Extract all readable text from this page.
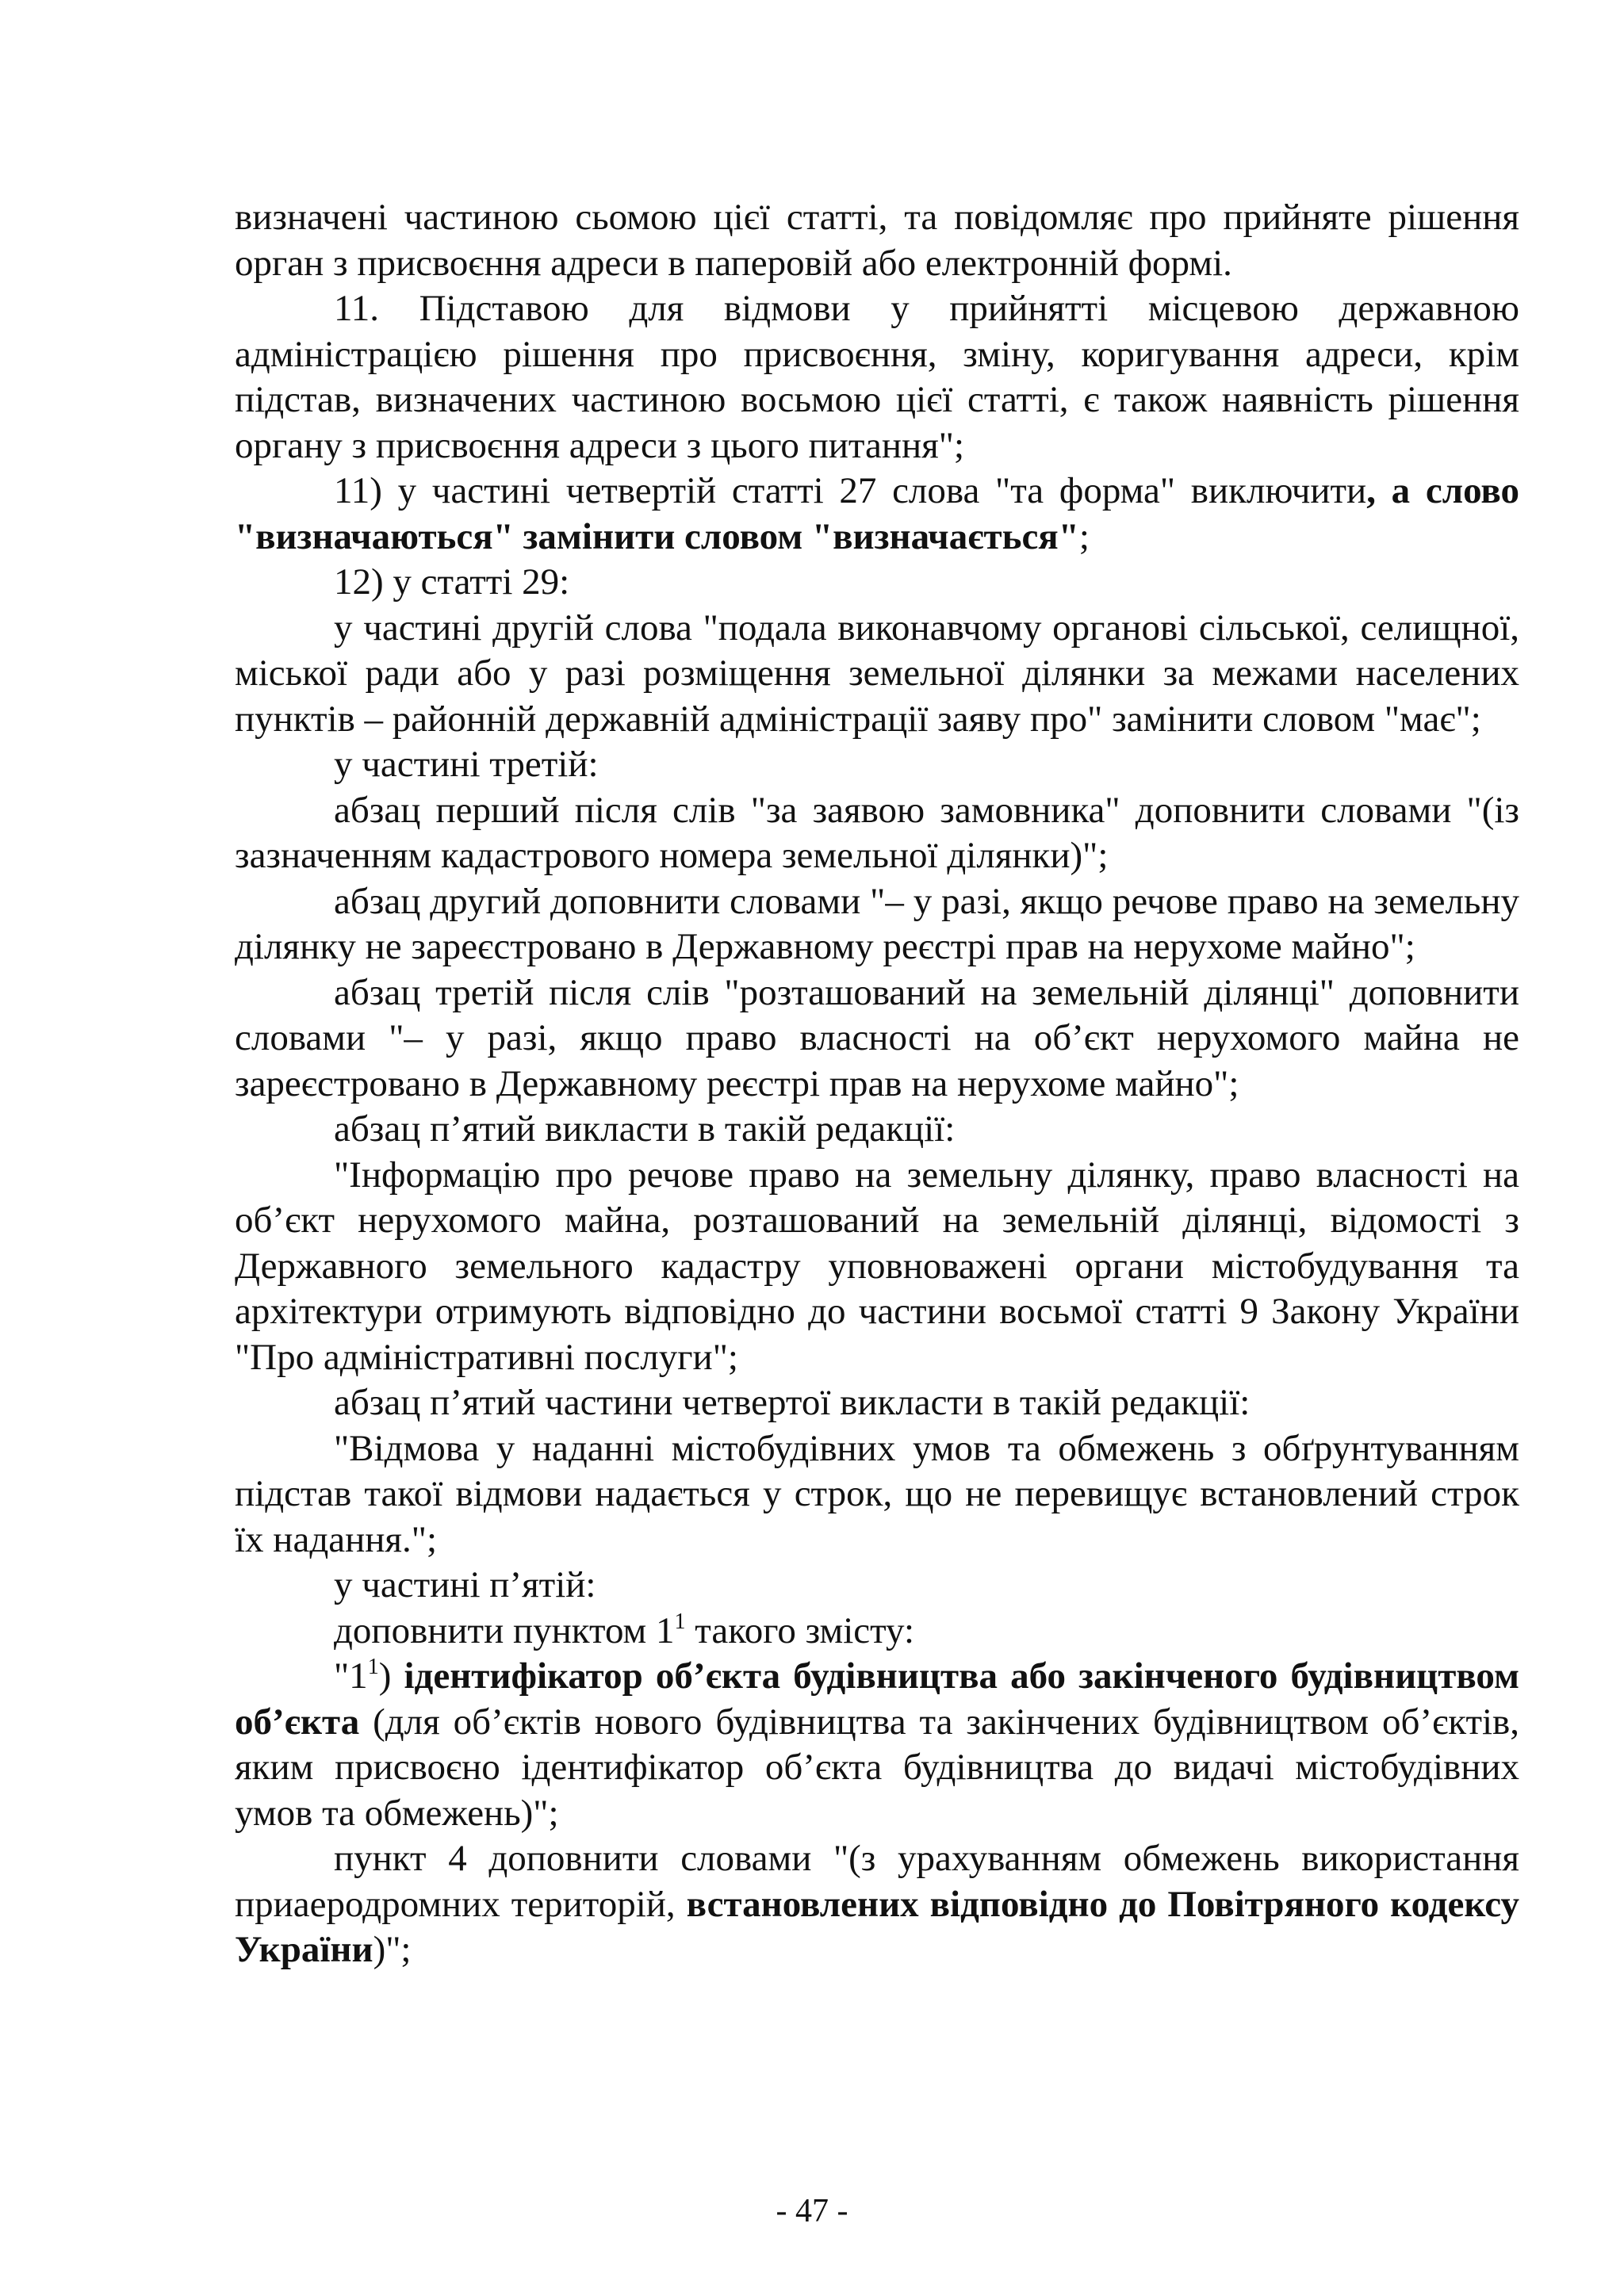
визначені частиною сьомою цієї статті, та повідомляє про прийняте рішення орган з присвоєння адреси в паперовій або електронній формі.

11. Підставою для відмови у прийнятті місцевою державною адміністрацією рішення про присвоєння, зміну, коригування адреси, крім підстав, визначених частиною восьмою цієї статті, є також наявність рішення органу з присвоєння адреси з цього питання";

11) у частині четвертій статті 27 слова "та форма" виключити, а слово "визначаються" замінити словом "визначається";

12) у статті 29:

у частині другій слова "подала виконавчому органові сільської, селищної, міської ради або у разі розміщення земельної ділянки за межами населених пунктів – районній державній адміністрації заяву про" замінити словом "має";

у частині третій:

абзац перший після слів "за заявою замовника" доповнити словами "(із зазначенням кадастрового номера земельної ділянки)";

абзац другий доповнити словами "– у разі, якщо речове право на земельну ділянку не зареєстровано в Державному реєстрі прав на нерухоме майно";

абзац третій після слів "розташований на земельній ділянці" доповнити словами "– у разі, якщо право власності на об’єкт нерухомого майна не зареєстровано в Державному реєстрі прав на нерухоме майно";

абзац п’ятий викласти в такій редакції:

"Інформацію про речове право на земельну ділянку, право власності на об’єкт нерухомого майна, розташований на земельній ділянці, відомості з Державного земельного кадастру уповноважені органи містобудування та архітектури отримують відповідно до частини восьмої статті 9 Закону України "Про адміністративні послуги";

абзац п’ятий частини четвертої викласти в такій редакції:

"Відмова у наданні містобудівних умов та обмежень з обґрунтуванням підстав такої відмови надається у строк, що не перевищує встановлений строк їх надання.";

у частині п’ятій:

доповнити пунктом $1^1$ такого змісту:

"$1^1$) ідентифікатор об’єкта будівництва або закінченого будівництвом об’єкта (для об’єктів нового будівництва та закінчених будівництвом об’єктів, яким присвоєно ідентифікатор об’єкта будівництва до видачі містобудівних умов та обмежень)";

пункт 4 доповнити словами "(з урахуванням обмежень використання приаеродромних територій, встановлених відповідно до Повітряного кодексу України)";

- 47 -
